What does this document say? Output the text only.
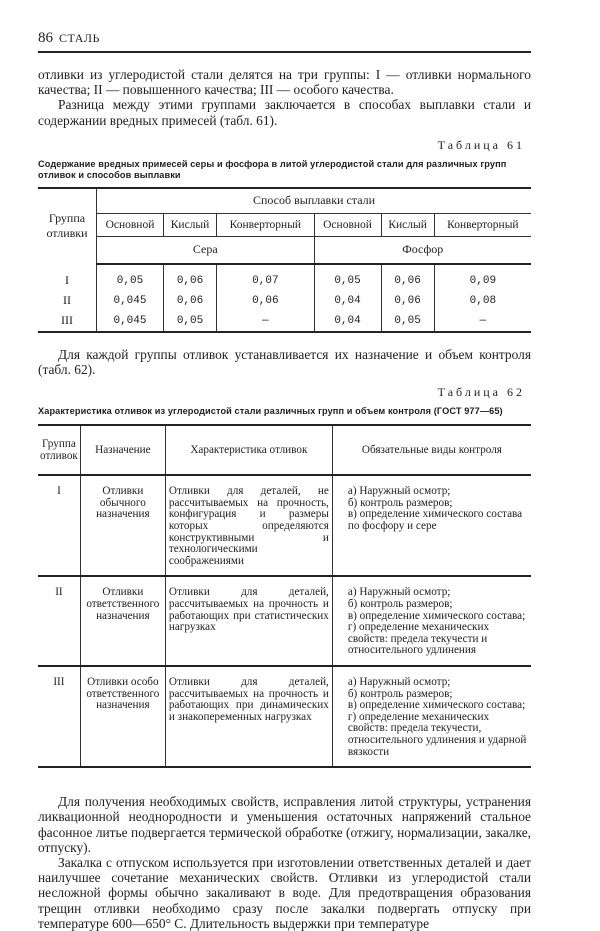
86 СТАЛЬ

отливки из углеродистой стали делятся на три группы: I — отливки нормального качества; II — повышенного качества; III — особого качества.

Разница между этими группами заключается в способах выплавки стали и содержании вредных примесей (табл. 61).

Таблица 61
Содержание вредных примесей серы и фосфора в литой углеродистой стали для различных групп отливок и способов выплавки
Группа отливки	Способ выплавки стали					
	Основной	Кислый	Конверторный	Основной	Кислый	Конверторный
	Сера			Фосфор		
I	0,05	0,06	0,07	0,05	0,06	0,09
II	0,045	0,06	0,06	0,04	0,06	0,08
III	0,045	0,05	—	0,04	0,05	—

Для каждой группы отливок устанавливается их назначение и объем контроля (табл. 62).

Таблица 62
Характеристика отливок из углеродистой стали различных групп и объем контроля (ГОСТ 977—65)
Группа отливок	Назначение	Характеристика отливок	Обязательные виды контроля
I	Отливки обычного назначения	Отливки для деталей, не рассчитываемых на прочность, конфигурация и размеры которых определяются конструктивными и технологическими соображениями	а) Наружный осмотр;
б) контроль размеров;
в) определение химического состава по фосфору и сере

II	Отливки ответственного назначения	Отливки для деталей, рассчитываемых на прочность и работающих при статистических нагрузках	а) Наружный осмотр;
б) контроль размеров;
в) определение химического состава;
г) определение механических свойств: предела текучести и относительного удлинения

III	Отливки особо ответственного назначения	Отливки для деталей, рассчитываемых на прочность и работающих при динамических и знакопеременных нагрузках	а) Наружный осмотр;
б) контроль размеров;
в) определение химического состава;
г) определение механических свойств: предела текучести, относительного удлинения и ударной вязкости

Для получения необходимых свойств, исправления литой структуры, устранения ликвационной неоднородности и уменьшения остаточных напряжений стальное фасонное литье подвергается термической обработке (отжигу, нормализации, закалке, отпуску).

Закалка с отпуском используется при изготовлении ответственных деталей и дает наилучшее сочетание механических свойств. Отливки из углеродистой стали несложной формы обычно закаливают в воде. Для предотвращения образования трещин отливки необходимо сразу после закалки подвергать отпуску при температуре 600—650° С. Длительность выдержки при температуре
